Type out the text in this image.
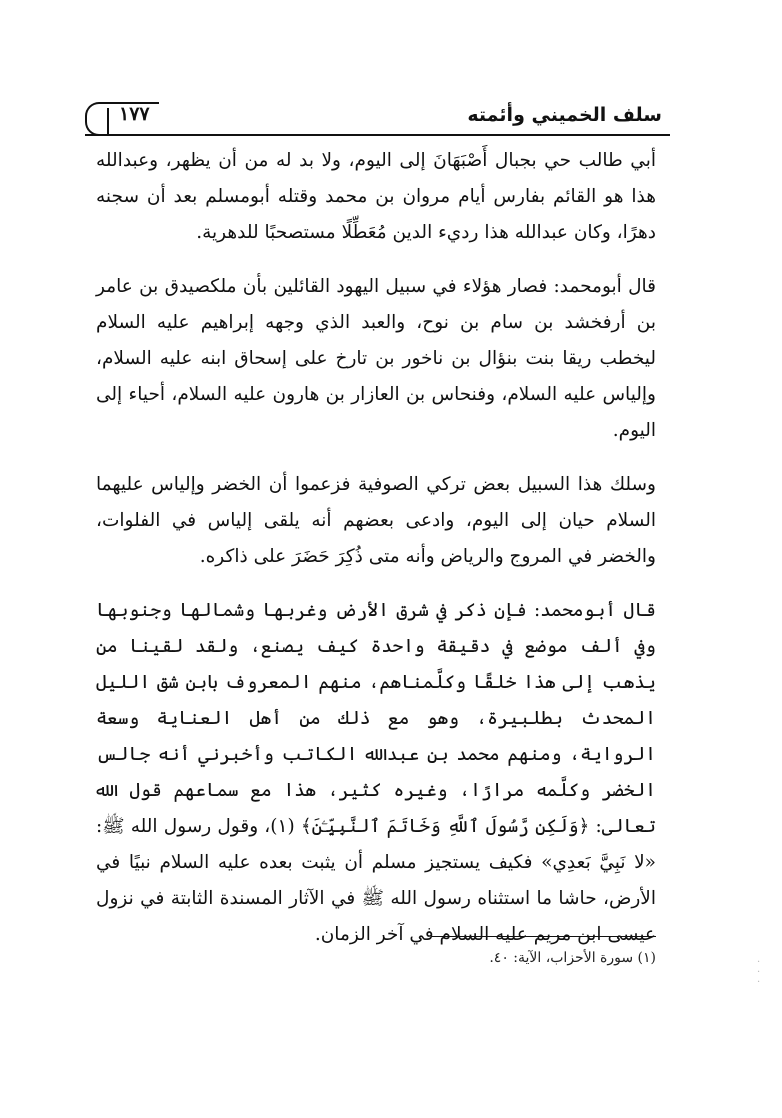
١٧٧	سلف الخميني وأئمته

أبي طالب حي بجبال أَصْبَهَانَ إلى اليوم، ولا بد له من أن يظهر، وعبدالله هذا هو القائم بفارس أيام مروان بن محمد وقتله أبومسلم بعد أن سجنه دهرًا، وكان عبدالله هذا رديء الدين مُعَطِّلًا مستصحبًا للدهرية.

قال أبومحمد: فصار هؤلاء في سبيل اليهود القائلين بأن ملكصيدق بن عامر بن أرفخشد بن سام بن نوح، والعبد الذي وجهه إبراهيم عليه السلام ليخطب ريقا بنت بنؤال بن ناخور بن تارخ على إسحاق ابنه عليه السلام، وإلياس عليه السلام، وفنحاس بن العازار بن هارون عليه السلام، أحياء إلى اليوم.

وسلك هذا السبيل بعض تركي الصوفية فزعموا أن الخضر وإلياس عليهما السلام حيان إلى اليوم، وادعى بعضهم أنه يلقى إلياس في الفلوات، والخضر في المروج والرياض وأنه متى ذُكِرَ حَضَرَ على ذاكره.

قال أبومحمد: فإن ذكر في شرق الأرض وغربها وشمالها وجنوبها وفي ألف موضع في دقيقة واحدة كيف يصنع، ولقد لقينا من يذهب إلى هذا خلقًا وكلَّمناهم، منهم المعروف بابن شق الليل المحدث بطلبيرة، وهو مع ذلك من أهل العناية وسعة الرواية، ومنهم محمد بن عبدالله الكاتب وأخبرني أنه جالس الخضر وكلَّمه مرارًا، وغيره كثير، هذا مع سماعهم قول الله تعالى: ﴿وَلَكِن رَّسُولَ ٱللَّهِ وَخَاتَمَ ٱلنَّبِيِّـۧنَ﴾ (١)، وقول رسول الله ﷺ: «لا نَبِيَّ بَعدِي» فكيف يستجيز مسلم أن يثبت بعده عليه السلام نبيًا في الأرض، حاشا ما استثناه رسول الله ﷺ في الآثار المسندة الثابتة في نزول عيسى ابن مريم عليه السلام في آخر الزمان.

(١) سورة الأحزاب، الآية: ٤٠.	·
·
·
